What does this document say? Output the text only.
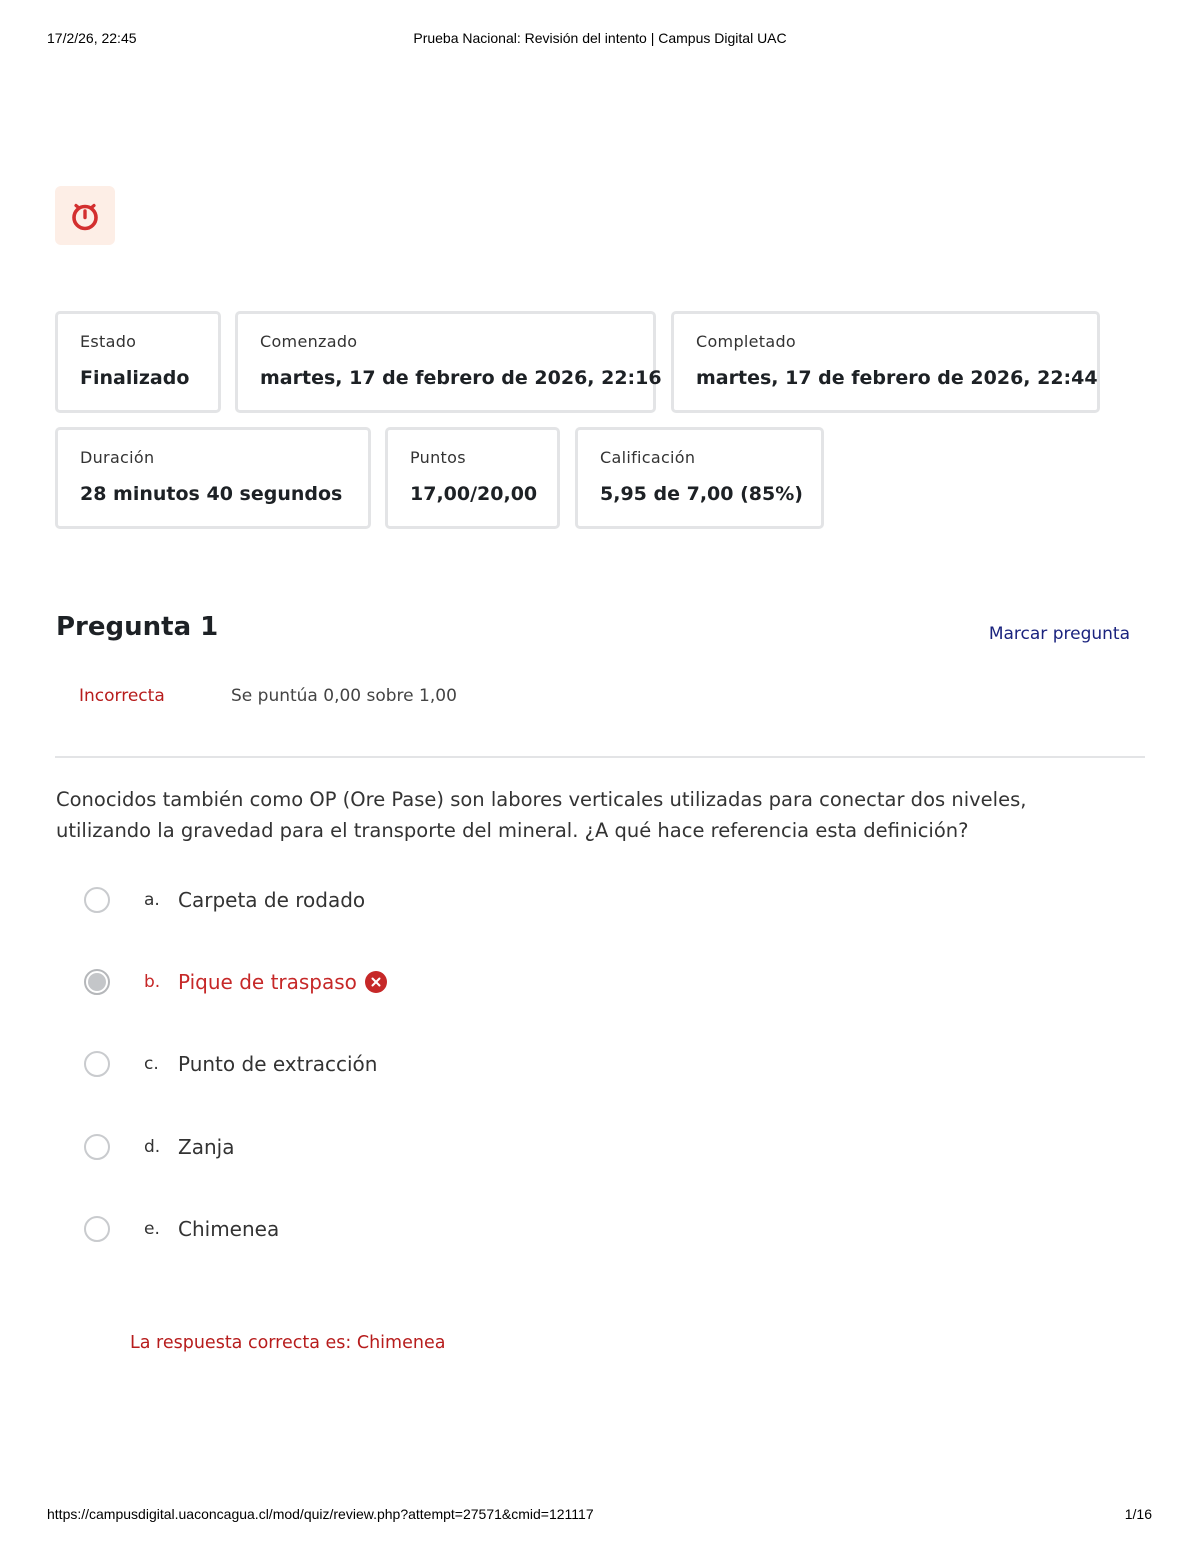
17/2/26, 22:45	Prueba Nacional: Revisión del intento | Campus Digital UAC
Estado
Finalizado
Comenzado
martes, 17 de febrero de 2026, 22:16
Completado
martes, 17 de febrero de 2026, 22:44
Duración
28 minutos 40 segundos
Puntos
17,00/20,00
Calificación
5,95 de 7,00 (85%)
Pregunta 1	Marcar pregunta
Incorrecta	Se puntúa 0,00 sobre 1,00
Conocidos también como OP (Ore Pase) son labores verticales utilizadas para conectar dos niveles, utilizando la gravedad para el transporte del mineral. ¿A qué hace referencia esta definición?
a. Carpeta de rodado
b. Pique de traspaso
c. Punto de extracción
d. Zanja
e. Chimenea
La respuesta correcta es: Chimenea
https://campusdigital.uaconcagua.cl/mod/quiz/review.php?attempt=27571&cmid=121117	1/16
